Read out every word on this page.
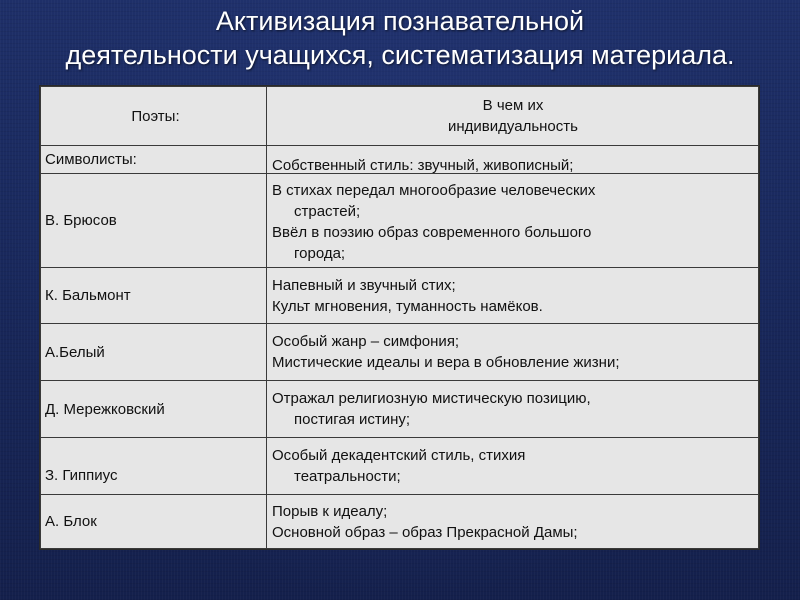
Активизация познавательной
деятельности учащихся, систематизация материала.
Поэты:	В чем их
индивидуальность

Символисты:	Собственный стиль: звучный, живописный;

В. Брюсов	В стихах передал многообразие человеческих
страстей;
Ввёл в поэзию образ современного большого
города;

К. Бальмонт	Напевный и звучный стих;
Культ мгновения, туманность намёков.

А.Белый	Особый жанр – симфония;
Мистические идеалы и вера в обновление жизни;

Д. Мережковский	Отражал религиозную мистическую позицию,
постигая истину;

З. Гиппиус	Особый декадентский стиль, стихия
театральности;

А. Блок	Порыв к идеалу;
Основной образ – образ Прекрасной Дамы;
